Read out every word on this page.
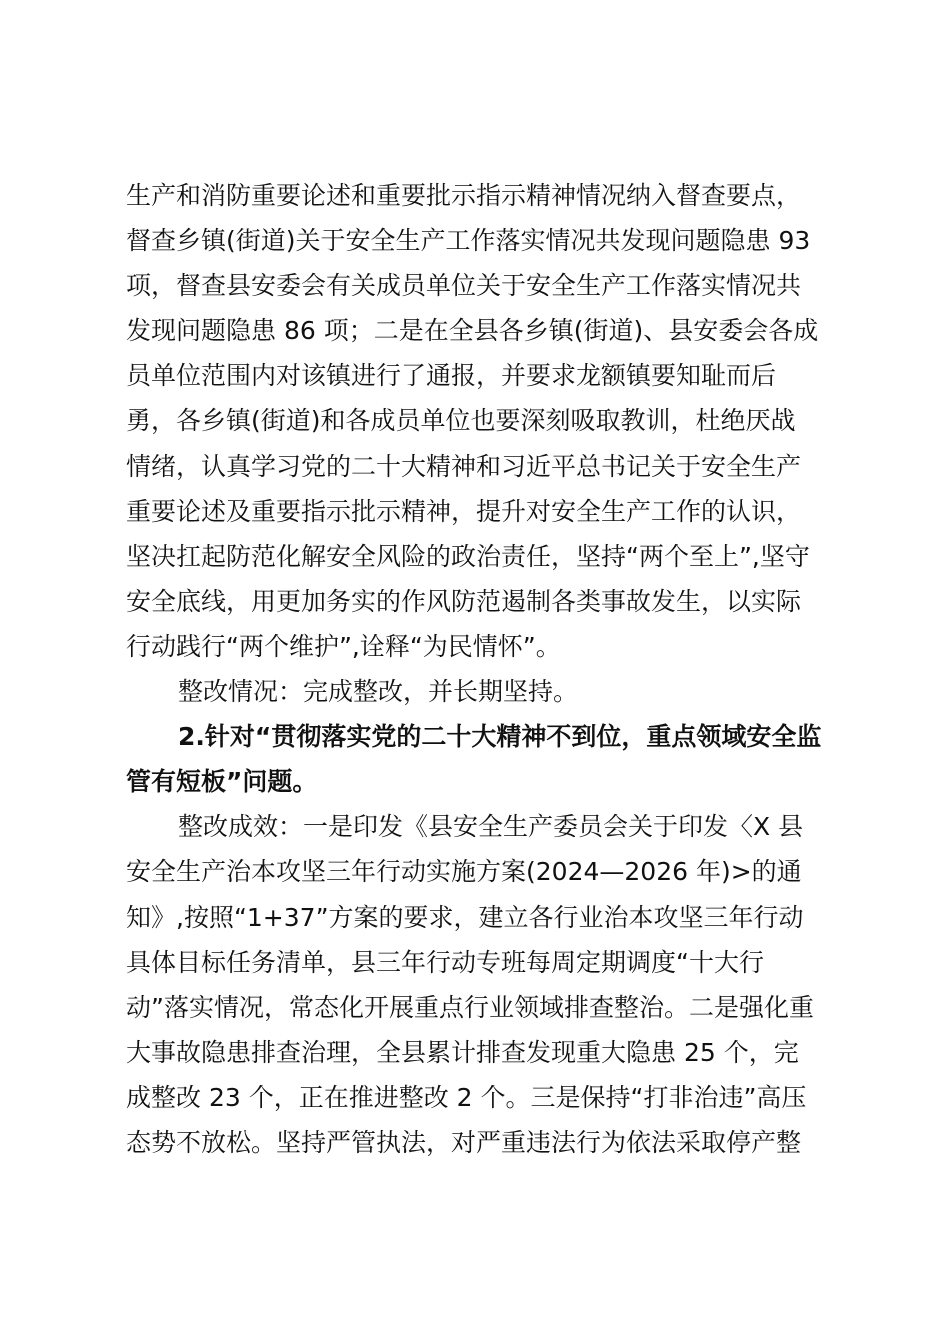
生产和消防重要论述和重要批示指示精神情况纳入督查要点，
督查乡镇(街道)关于安全生产工作落实情况共发现问题隐患 93
项，督查县安委会有关成员单位关于安全生产工作落实情况共
发现问题隐患 86 项；二是在全县各乡镇(街道)、县安委会各成
员单位范围内对该镇进行了通报，并要求龙额镇要知耻而后
勇，各乡镇(街道)和各成员单位也要深刻吸取教训，杜绝厌战
情绪，认真学习党的二十大精神和习近平总书记关于安全生产
重要论述及重要指示批示精神，提升对安全生产工作的认识，
坚决扛起防范化解安全风险的政治责任，坚持“两个至上”,坚守
安全底线，用更加务实的作风防范遏制各类事故发生，以实际
行动践行“两个维护”,诠释“为民情怀”。
整改情况：完成整改，并长期坚持。
2.针对“贯彻落实党的二十大精神不到位，重点领域安全监
管有短板”问题。
整改成效：一是印发《县安全生产委员会关于印发〈X 县
安全生产治本攻坚三年行动实施方案(2024—2026 年)>的通
知》,按照“1+37”方案的要求，建立各行业治本攻坚三年行动
具体目标任务清单，县三年行动专班每周定期调度“十大行
动”落实情况，常态化开展重点行业领域排查整治。二是强化重
大事故隐患排查治理，全县累计排查发现重大隐患 25 个，完
成整改 23 个，正在推进整改 2 个。三是保持“打非治违”高压
态势不放松。坚持严管执法，对严重违法行为依法采取停产整
